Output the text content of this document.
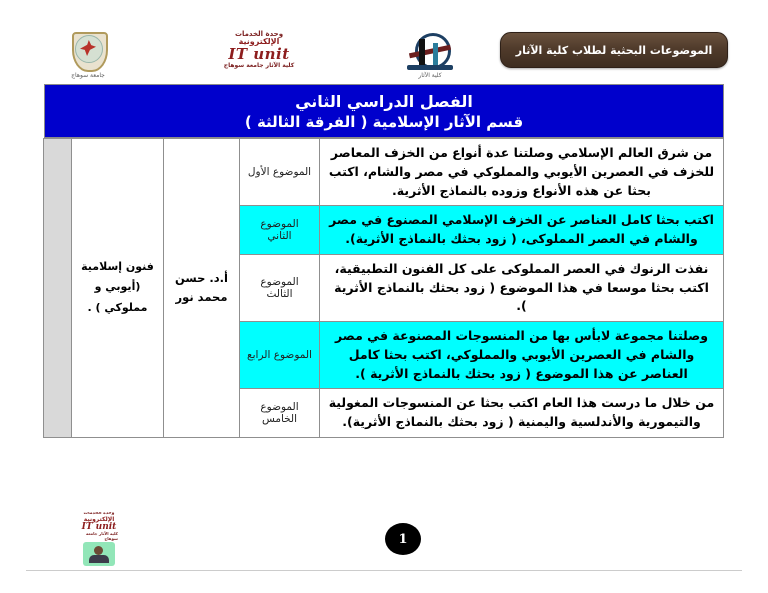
الموضوعات البحثية لطلاب كلية الآثار
كلية الآثار
وحدة الخدمات
الإلكترونية
IT unit
كلية الآثار جامعة سوهاج
جامعة سوهاج
الفصل الدراسي الثاني
قسم الآثار الإسلامية ( الفرقة الثالثة )
من شرق العالم الإسلامي وصلتنا عدة أنواع من الخزف المعاصر للخزف في العصرين الأيوبي والمملوكي في مصر والشام، اكتب بحثا عن هذه الأنواع وزوده بالنماذج الأثرية.	الموضوع الأول	أ.د. حسن محمد نور	فنون إسلامية (أيوبي و مملوكي ) .	
اكتب بحثا كامل العناصر عن الخزف الإسلامي المصنوع في مصر والشام في العصر المملوكى، ( زود بحثك بالنماذج الأثرية).	الموضوع الثاني			
نفذت الرنوك في العصر المملوكى على كل الفنون التطبيقية، اكتب بحثا موسعا في هذا الموضوع ( زود بحثك بالنماذج الأثرية ).	الموضوع الثالث			
وصلتنا مجموعة لابأس بها من المنسوجات المصنوعة في مصر والشام في العصرين الأيوبي والمملوكي، اكتب بحثا كامل العناصر عن هذا الموضوع ( زود بحثك بالنماذج الأثرية ).	الموضوع الرابع			
من خلال ما درست هذا العام اكتب بحثا عن المنسوجات المغولية والتيمورية والأندلسية واليمنية ( زود بحثك بالنماذج الأثرية).	الموضوع الخامس			
وحدة الخدمات
الإلكترونية
IT unit
كلية الآثار جامعة سوهاج	1
